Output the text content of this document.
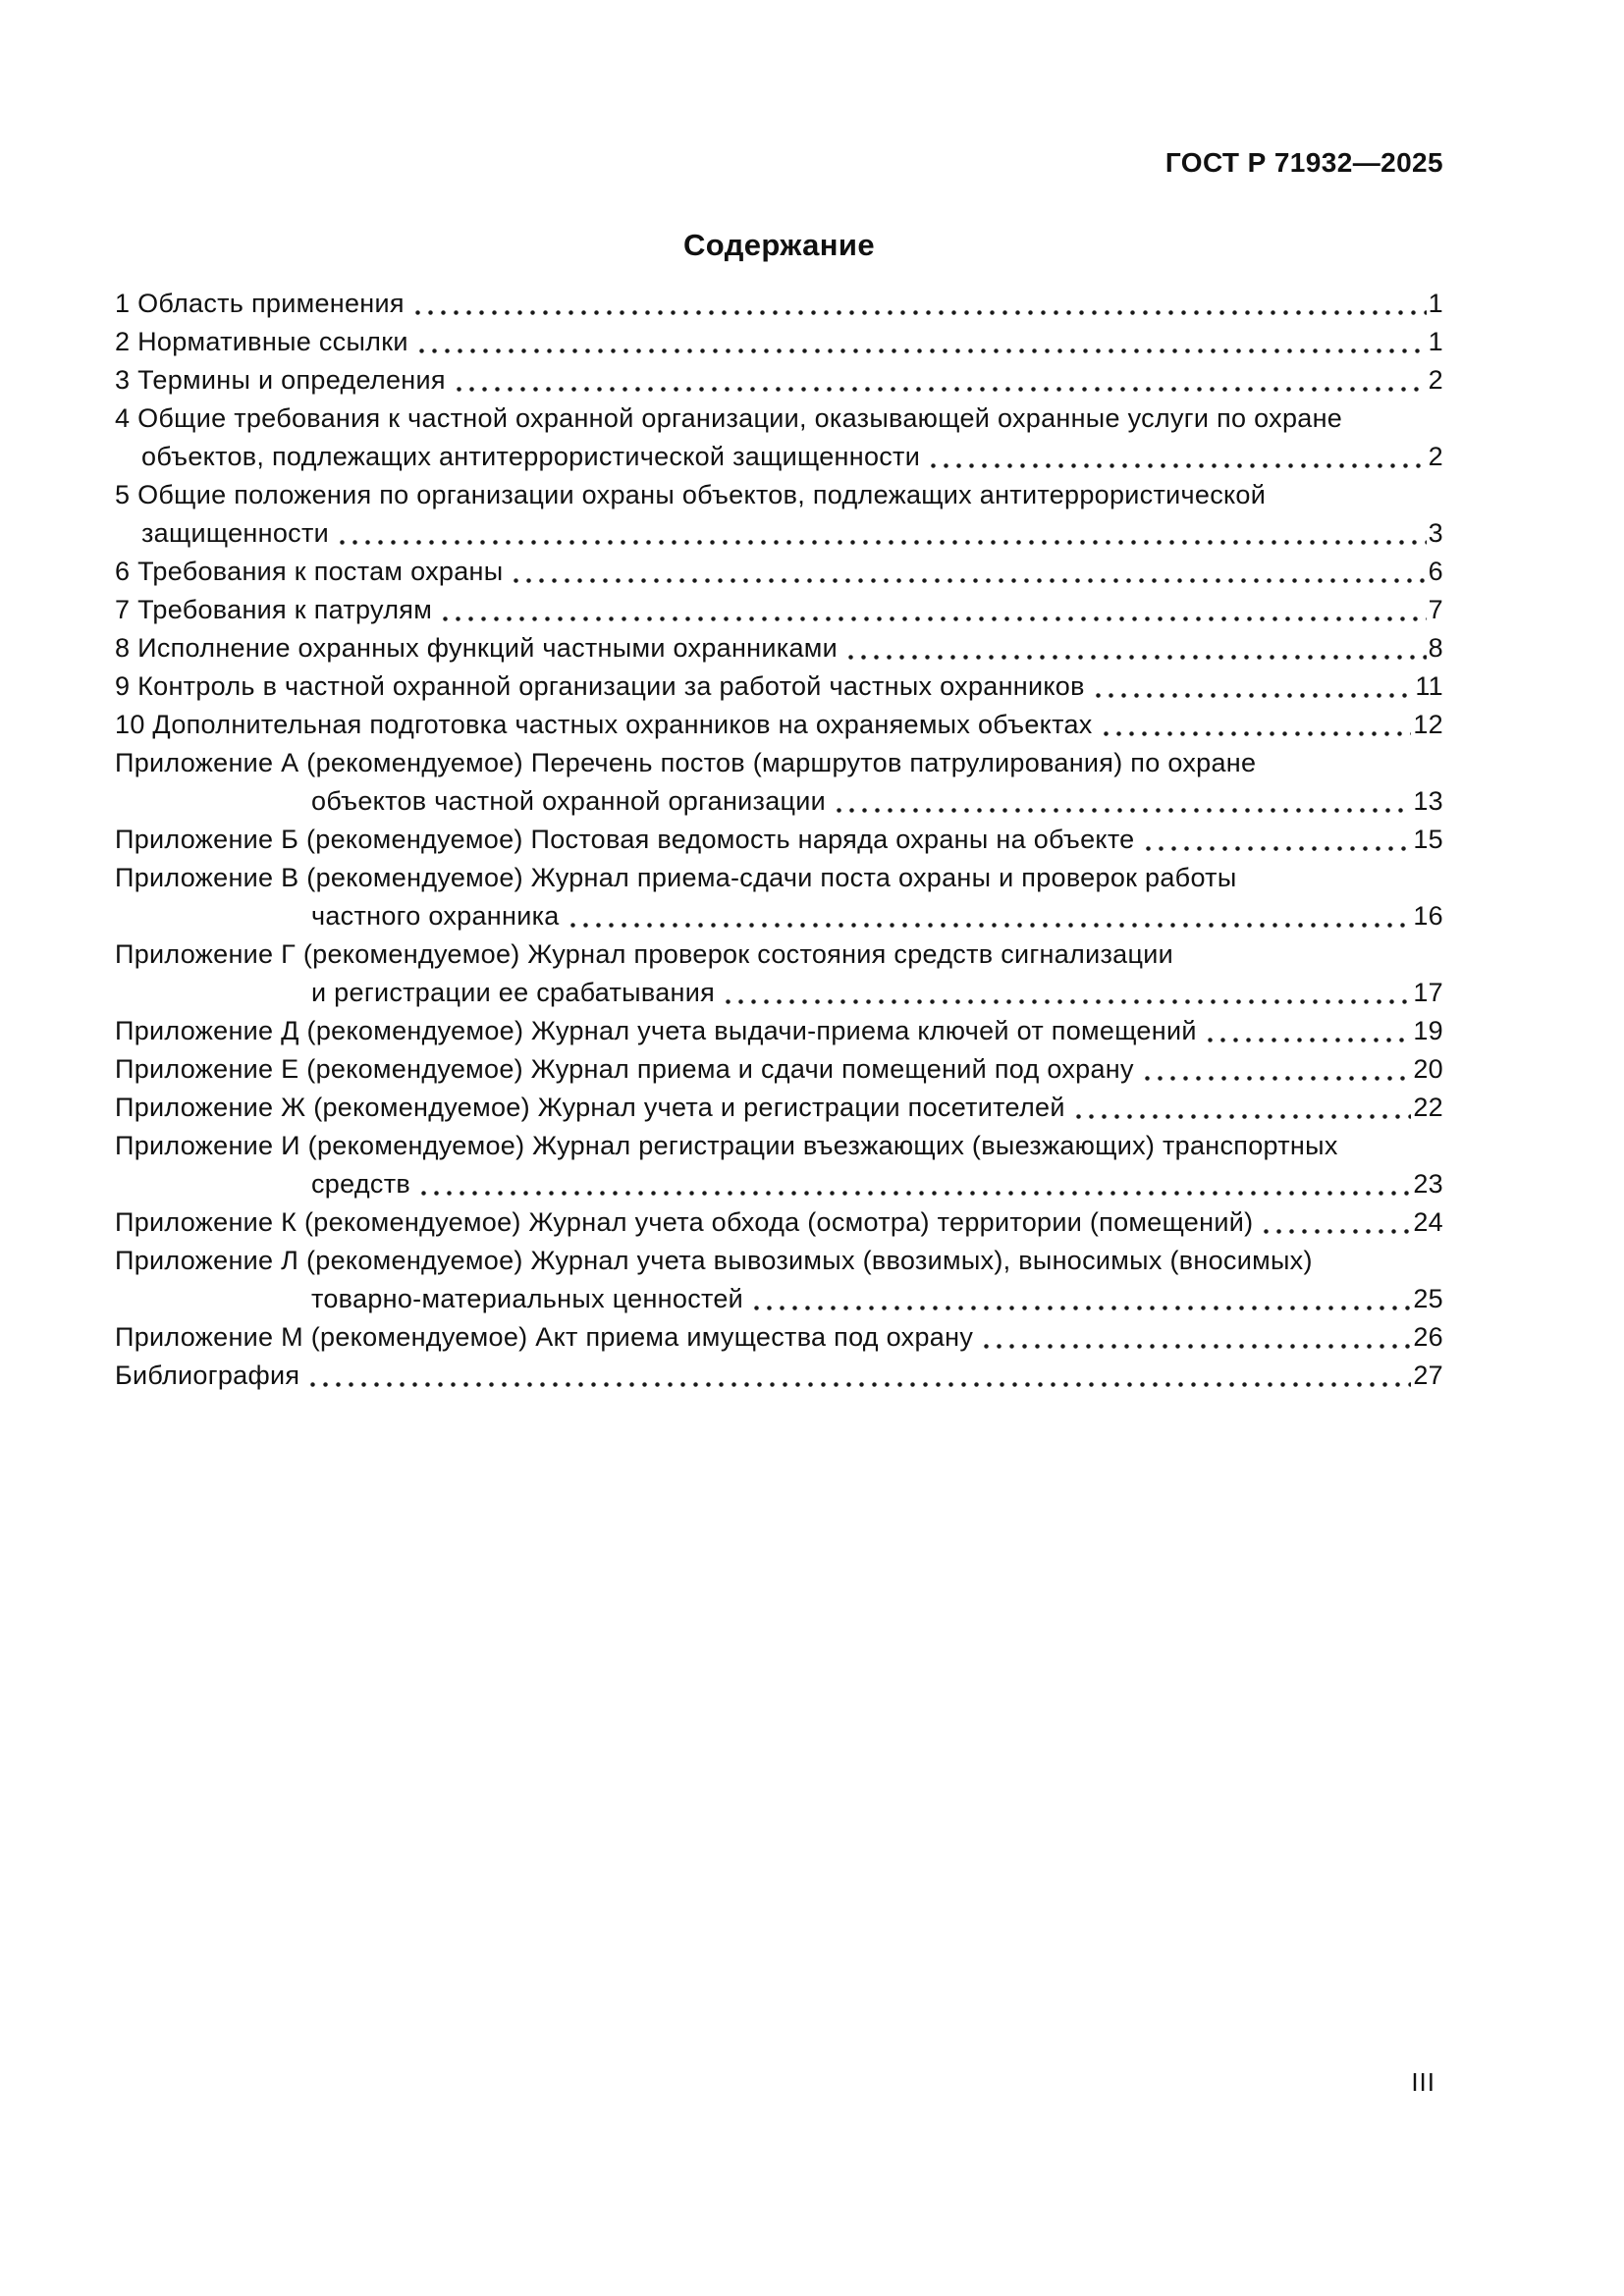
ГОСТ Р 71932—2025
Содержание
1 Область применения	1
2 Нормативные ссылки	1
3 Термины и определения	2
4 Общие требования к частной охранной организации, оказывающей охранные услуги по охране
объектов, подлежащих антитеррористической защищенности	2
5 Общие положения по организации охраны объектов, подлежащих антитеррористической
защищенности	3
6 Требования к постам охраны	6
7 Требования к патрулям	7
8 Исполнение охранных функций частными охранниками	8
9 Контроль в частной охранной организации за работой частных охранников	11
10 Дополнительная подготовка частных охранников на охраняемых объектах	12
Приложение А (рекомендуемое) Перечень постов (маршрутов патрулирования) по охране
объектов частной охранной организации	13
Приложение Б (рекомендуемое) Постовая ведомость наряда охраны на объекте	15
Приложение В (рекомендуемое) Журнал приема-сдачи поста охраны и проверок работы
частного охранника	16
Приложение Г (рекомендуемое) Журнал проверок состояния средств сигнализации
и регистрации ее срабатывания	17
Приложение Д (рекомендуемое) Журнал учета выдачи-приема ключей от помещений	19
Приложение Е (рекомендуемое) Журнал приема и сдачи помещений под охрану	20
Приложение Ж (рекомендуемое) Журнал учета и регистрации посетителей	22
Приложение И (рекомендуемое) Журнал регистрации въезжающих (выезжающих) транспортных
средств	23
Приложение К (рекомендуемое) Журнал учета обхода (осмотра) территории (помещений)	24
Приложение Л (рекомендуемое) Журнал учета вывозимых (ввозимых), выносимых (вносимых)
товарно-материальных ценностей	25
Приложение М (рекомендуемое) Акт приема имущества под охрану	26
Библиография	27
III
